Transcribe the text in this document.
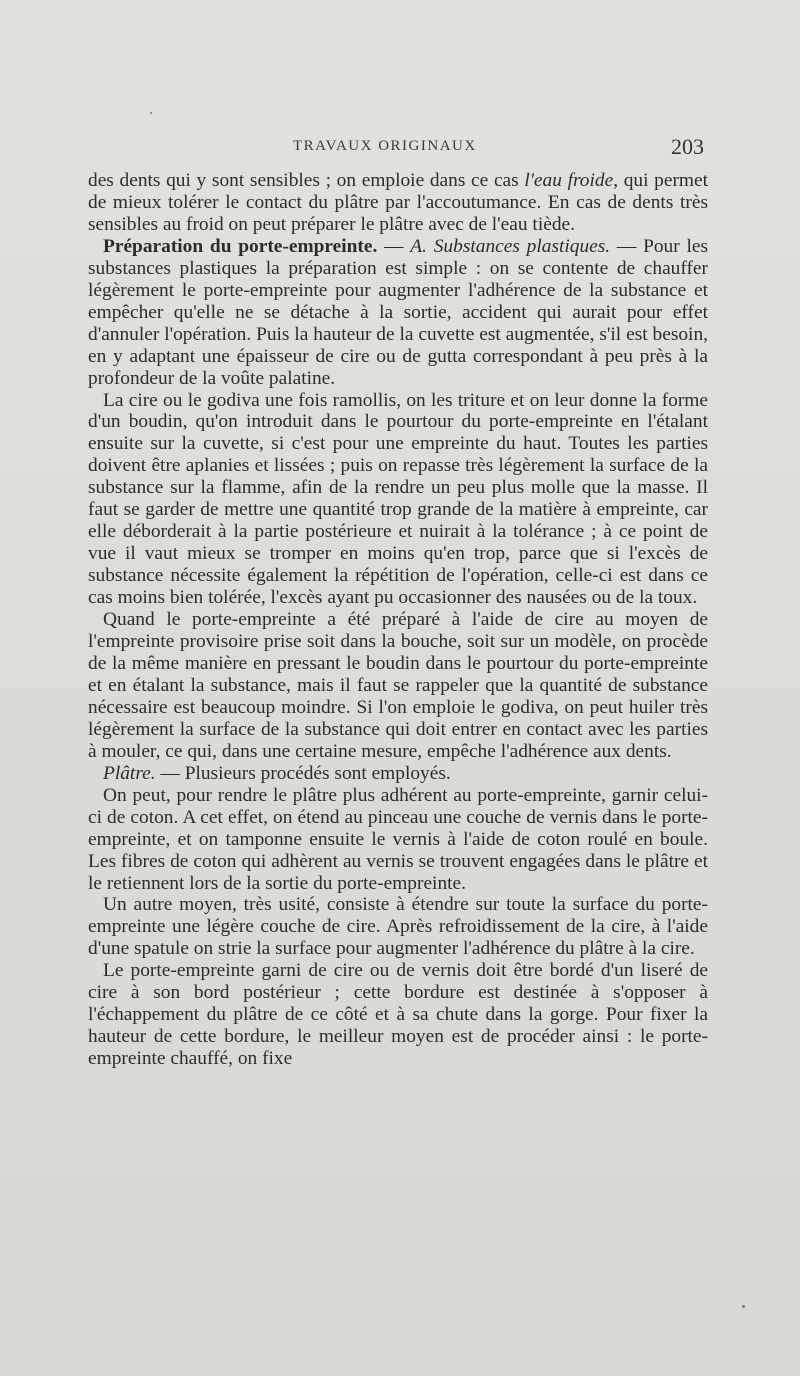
TRAVAUX ORIGINAUX	203

des dents qui y sont sensibles ; on emploie dans ce cas l'eau froide, qui permet de mieux tolérer le contact du plâtre par l'accoutumance. En cas de dents très sensibles au froid on peut préparer le plâtre avec de l'eau tiède.

Préparation du porte-empreinte. — A. Substances plastiques. — Pour les substances plastiques la préparation est simple : on se contente de chauffer légèrement le porte-empreinte pour augmenter l'adhérence de la substance et empêcher qu'elle ne se détache à la sortie, accident qui aurait pour effet d'annuler l'opération. Puis la hauteur de la cuvette est augmentée, s'il est besoin, en y adaptant une épaisseur de cire ou de gutta correspondant à peu près à la profondeur de la voûte palatine.

La cire ou le godiva une fois ramollis, on les triture et on leur donne la forme d'un boudin, qu'on introduit dans le pourtour du porte-empreinte en l'étalant ensuite sur la cuvette, si c'est pour une empreinte du haut. Toutes les parties doivent être aplanies et lissées ; puis on repasse très légèrement la surface de la substance sur la flamme, afin de la rendre un peu plus molle que la masse. Il faut se garder de mettre une quantité trop grande de la matière à empreinte, car elle déborderait à la partie postérieure et nuirait à la tolérance ; à ce point de vue il vaut mieux se tromper en moins qu'en trop, parce que si l'excès de substance nécessite également la répétition de l'opération, celle-ci est dans ce cas moins bien tolérée, l'excès ayant pu occasionner des nausées ou de la toux.

Quand le porte-empreinte a été préparé à l'aide de cire au moyen de l'empreinte provisoire prise soit dans la bouche, soit sur un modèle, on procède de la même manière en pressant le boudin dans le pourtour du porte-empreinte et en étalant la substance, mais il faut se rappeler que la quantité de substance nécessaire est beaucoup moindre. Si l'on emploie le godiva, on peut huiler très légèrement la surface de la substance qui doit entrer en contact avec les parties à mouler, ce qui, dans une certaine mesure, empêche l'adhérence aux dents.

Plâtre. — Plusieurs procédés sont employés.

On peut, pour rendre le plâtre plus adhérent au porte-empreinte, garnir celui-ci de coton. A cet effet, on étend au pinceau une couche de vernis dans le porte-empreinte, et on tamponne ensuite le vernis à l'aide de coton roulé en boule. Les fibres de coton qui adhèrent au vernis se trouvent engagées dans le plâtre et le retiennent lors de la sortie du porte-empreinte.

Un autre moyen, très usité, consiste à étendre sur toute la surface du porte-empreinte une légère couche de cire. Après refroidissement de la cire, à l'aide d'une spatule on strie la surface pour augmenter l'adhérence du plâtre à la cire.

Le porte-empreinte garni de cire ou de vernis doit être bordé d'un liseré de cire à son bord postérieur ; cette bordure est destinée à s'opposer à l'échappement du plâtre de ce côté et à sa chute dans la gorge. Pour fixer la hauteur de cette bordure, le meilleur moyen est de procéder ainsi : le porte-empreinte chauffé, on fixe
